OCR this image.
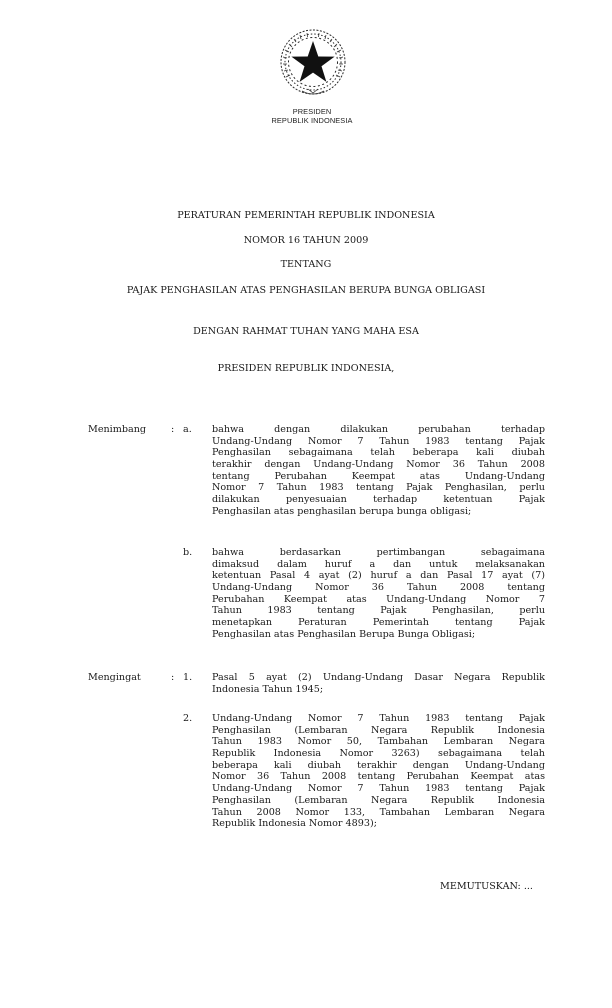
PRESIDEN
REPUBLIK INDONESIA
PERATURAN PEMERINTAH REPUBLIK INDONESIA
NOMOR 16 TAHUN 2009
TENTANG
PAJAK PENGHASILAN ATAS PENGHASILAN BERUPA BUNGA OBLIGASI
DENGAN RAHMAT TUHAN YANG MAHA ESA
PRESIDEN REPUBLIK INDONESIA,
Menimbang	: a. bahwa dengan dilakukan perubahan terhadap
Undang-Undang Nomor 7 Tahun 1983 tentang Pajak
Penghasilan sebagaimana telah beberapa kali diubah
terakhir dengan Undang-Undang Nomor 36 Tahun 2008
tentang Perubahan Keempat atas Undang-Undang
Nomor 7 Tahun 1983 tentang Pajak Penghasilan, perlu
dilakukan penyesuaian terhadap ketentuan Pajak
Penghasilan atas penghasilan berupa bunga obligasi;
b. bahwa berdasarkan pertimbangan sebagaimana
dimaksud dalam huruf a dan untuk melaksanakan
ketentuan Pasal 4 ayat (2) huruf a dan Pasal 17 ayat (7)
Undang-Undang Nomor 36 Tahun 2008 tentang
Perubahan Keempat atas Undang-Undang Nomor 7
Tahun 1983 tentang Pajak Penghasilan, perlu
menetapkan Peraturan Pemerintah tentang Pajak
Penghasilan atas Penghasilan Berupa Bunga Obligasi;
Mengingat	: 1. Pasal 5 ayat (2) Undang-Undang Dasar Negara Republik
Indonesia Tahun 1945;
2. Undang-Undang Nomor 7 Tahun 1983 tentang Pajak
Penghasilan (Lembaran Negara Republik Indonesia
Tahun 1983 Nomor 50, Tambahan Lembaran Negara
Republik Indonesia Nomor 3263) sebagaimana telah
beberapa kali diubah terakhir dengan Undang-Undang
Nomor 36 Tahun 2008 tentang Perubahan Keempat atas
Undang-Undang Nomor 7 Tahun 1983 tentang Pajak
Penghasilan (Lembaran Negara Republik Indonesia
Tahun 2008 Nomor 133, Tambahan Lembaran Negara
Republik Indonesia Nomor 4893);
MEMUTUSKAN: ...
